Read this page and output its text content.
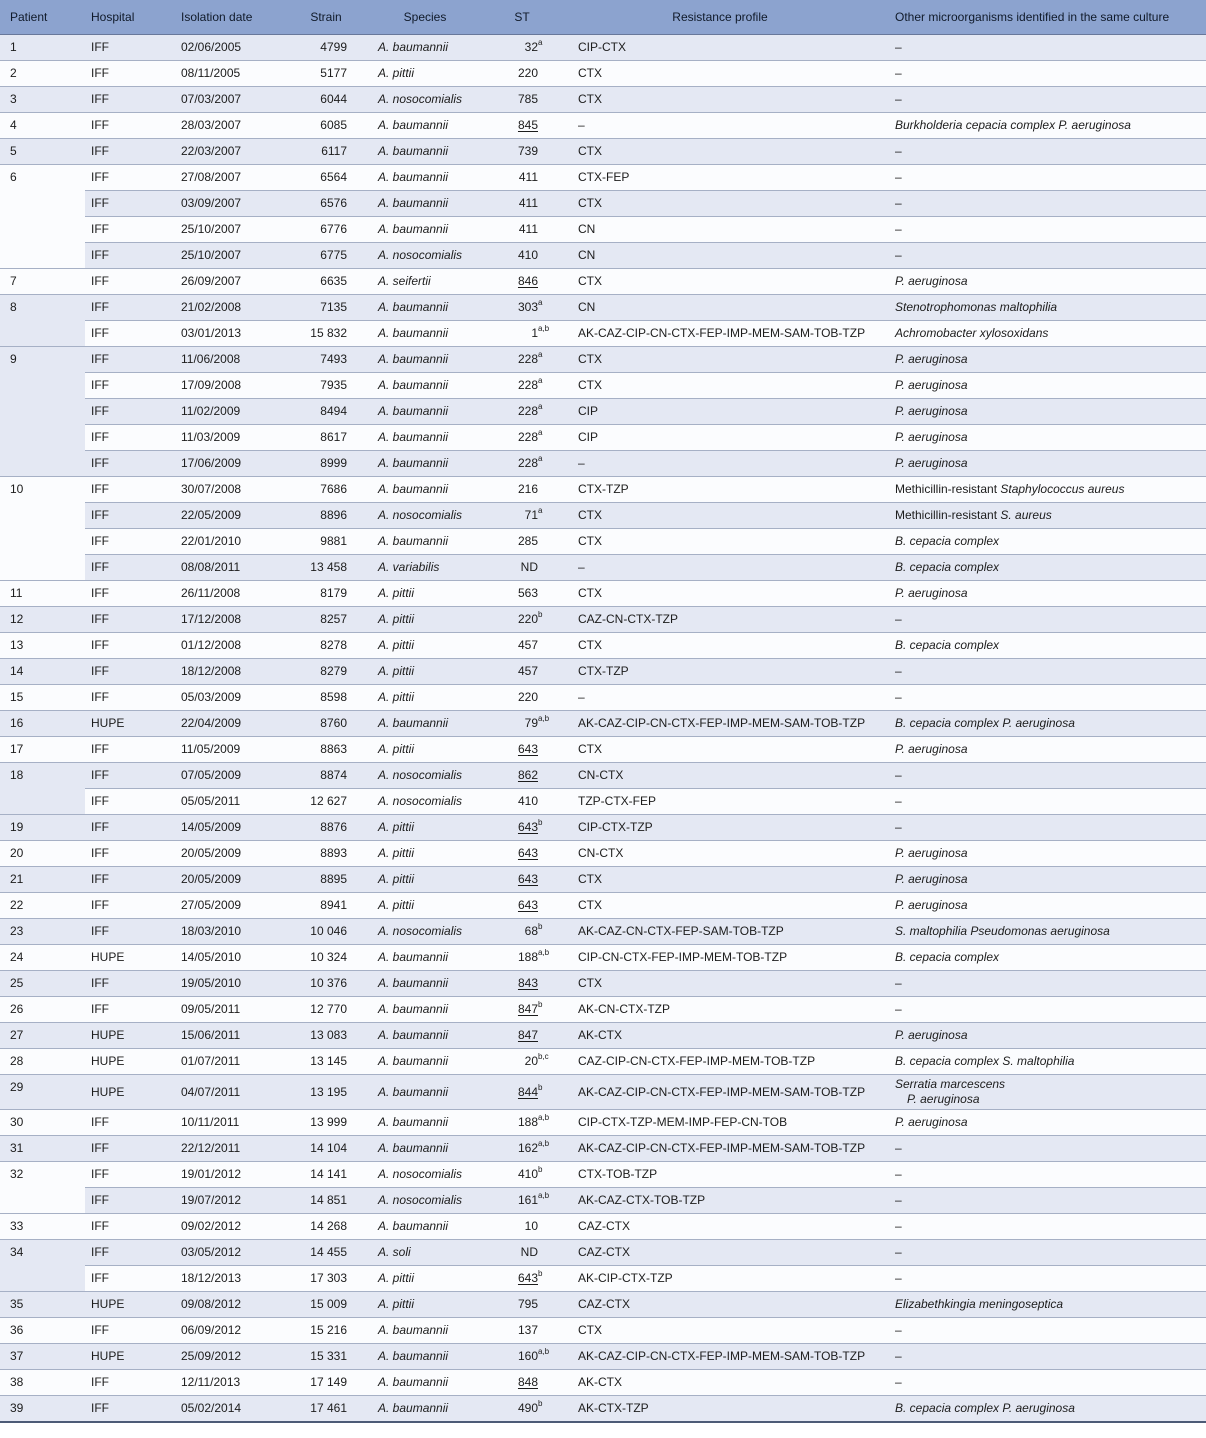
Patient	Hospital	Isolation date	Strain	Species	ST	Resistance profile	Other microorganisms identified in the same culture
1	IFF	02/06/2005	4799	A. baumannii	32 a	CIP-CTX	–
2	IFF	08/11/2005	5177	A. pittii	220	CTX	–
3	IFF	07/03/2007	6044	A. nosocomialis	785	CTX	–
4	IFF	28/03/2007	6085	A. baumannii	845	–	Burkholderia cepacia complex P. aeruginosa
5	IFF	22/03/2007	6117	A. baumannii	739	CTX	–
6	IFF	27/08/2007	6564	A. baumannii	411	CTX-FEP	–
	IFF	03/09/2007	6576	A. baumannii	411	CTX	–
	IFF	25/10/2007	6776	A. baumannii	411	CN	–
	IFF	25/10/2007	6775	A. nosocomialis	410	CN	–
7	IFF	26/09/2007	6635	A. seifertii	846	CTX	P. aeruginosa
8	IFF	21/02/2008	7135	A. baumannii	303 a	CN	Stenotrophomonas maltophilia
	IFF	03/01/2013	15 832	A. baumannii	1 a,b	AK-CAZ-CIP-CN-CTX-FEP-IMP-MEM-SAM-TOB-TZP	Achromobacter xylosoxidans
9	IFF	11/06/2008	7493	A. baumannii	228 a	CTX	P. aeruginosa
	IFF	17/09/2008	7935	A. baumannii	228 a	CTX	P. aeruginosa
	IFF	11/02/2009	8494	A. baumannii	228 a	CIP	P. aeruginosa
	IFF	11/03/2009	8617	A. baumannii	228 a	CIP	P. aeruginosa
	IFF	17/06/2009	8999	A. baumannii	228 a	–	P. aeruginosa
10	IFF	30/07/2008	7686	A. baumannii	216	CTX-TZP	Methicillin-resistant Staphylococcus aureus
	IFF	22/05/2009	8896	A. nosocomialis	71 a	CTX	Methicillin-resistant S. aureus
	IFF	22/01/2010	9881	A. baumannii	285	CTX	B. cepacia complex
	IFF	08/08/2011	13 458	A. variabilis	ND	–	B. cepacia complex
11	IFF	26/11/2008	8179	A. pittii	563	CTX	P. aeruginosa
12	IFF	17/12/2008	8257	A. pittii	220 b	CAZ-CN-CTX-TZP	–
13	IFF	01/12/2008	8278	A. pittii	457	CTX	B. cepacia complex
14	IFF	18/12/2008	8279	A. pittii	457	CTX-TZP	–
15	IFF	05/03/2009	8598	A. pittii	220	–	–
16	HUPE	22/04/2009	8760	A. baumannii	79 a,b	AK-CAZ-CIP-CN-CTX-FEP-IMP-MEM-SAM-TOB-TZP	B. cepacia complex P. aeruginosa
17	IFF	11/05/2009	8863	A. pittii	643	CTX	P. aeruginosa
18	IFF	07/05/2009	8874	A. nosocomialis	862	CN-CTX	–
	IFF	05/05/2011	12 627	A. nosocomialis	410	TZP-CTX-FEP	–
19	IFF	14/05/2009	8876	A. pittii	643 b	CIP-CTX-TZP	–
20	IFF	20/05/2009	8893	A. pittii	643	CN-CTX	P. aeruginosa
21	IFF	20/05/2009	8895	A. pittii	643	CTX	P. aeruginosa
22	IFF	27/05/2009	8941	A. pittii	643	CTX	P. aeruginosa
23	IFF	18/03/2010	10 046	A. nosocomialis	68 b	AK-CAZ-CN-CTX-FEP-SAM-TOB-TZP	S. maltophilia Pseudomonas aeruginosa
24	HUPE	14/05/2010	10 324	A. baumannii	188 a,b	CIP-CN-CTX-FEP-IMP-MEM-TOB-TZP	B. cepacia complex
25	IFF	19/05/2010	10 376	A. baumannii	843	CTX	–
26	IFF	09/05/2011	12 770	A. baumannii	847 b	AK-CN-CTX-TZP	–
27	HUPE	15/06/2011	13 083	A. baumannii	847	AK-CTX	P. aeruginosa
28	HUPE	01/07/2011	13 145	A. baumannii	20 b,c	CAZ-CIP-CN-CTX-FEP-IMP-MEM-TOB-TZP	B. cepacia complex S. maltophilia
29	HUPE	04/07/2011	13 195	A. baumannii	844 b	AK-CAZ-CIP-CN-CTX-FEP-IMP-MEM-SAM-TOB-TZP	Serratia marcescens
P. aeruginosa
30	IFF	10/11/2011	13 999	A. baumannii	188 a,b	CIP-CTX-TZP-MEM-IMP-FEP-CN-TOB	P. aeruginosa
31	IFF	22/12/2011	14 104	A. baumannii	162 a,b	AK-CAZ-CIP-CN-CTX-FEP-IMP-MEM-SAM-TOB-TZP	–
32	IFF	19/01/2012	14 141	A. nosocomialis	410 b	CTX-TOB-TZP	–
	IFF	19/07/2012	14 851	A. nosocomialis	161 a,b	AK-CAZ-CTX-TOB-TZP	–
33	IFF	09/02/2012	14 268	A. baumannii	10	CAZ-CTX	–
34	IFF	03/05/2012	14 455	A. soli	ND	CAZ-CTX	–
	IFF	18/12/2013	17 303	A. pittii	643 b	AK-CIP-CTX-TZP	–
35	HUPE	09/08/2012	15 009	A. pittii	795	CAZ-CTX	Elizabethkingia meningoseptica
36	IFF	06/09/2012	15 216	A. baumannii	137	CTX	–
37	HUPE	25/09/2012	15 331	A. baumannii	160 a,b	AK-CAZ-CIP-CN-CTX-FEP-IMP-MEM-SAM-TOB-TZP	–
38	IFF	12/11/2013	17 149	A. baumannii	848	AK-CTX	–
39	IFF	05/02/2014	17 461	A. baumannii	490 b	AK-CTX-TZP	B. cepacia complex P. aeruginosa
